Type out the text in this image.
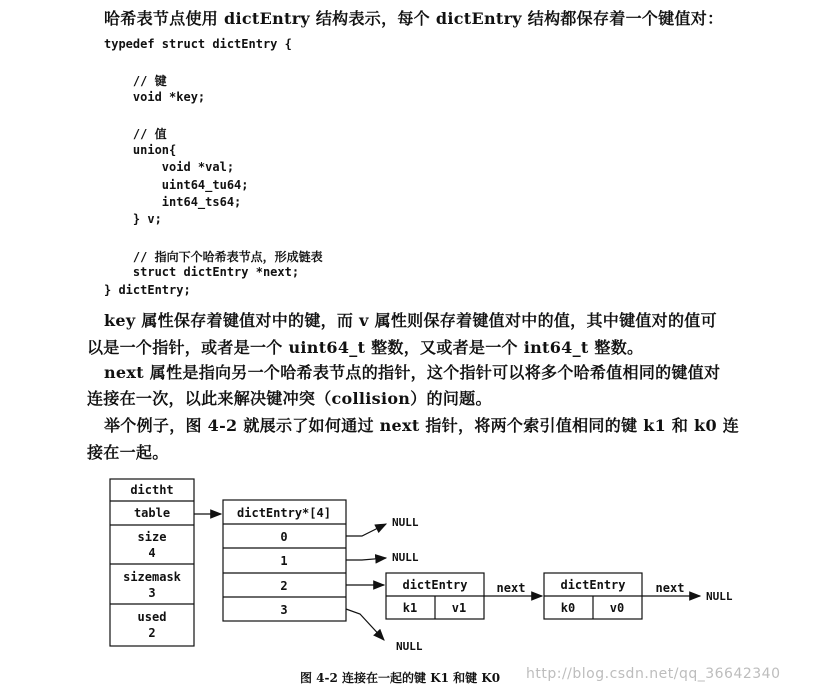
哈希表节点使用 dictEntry 结构表示，每个 dictEntry 结构都保存着一个键值对：
typedef struct dictEntry {
// 键
void *key;
// 值
union{
void *val;
uint64_tu64;
int64_ts64;
} v;
// 指向下个哈希表节点，形成链表
struct dictEntry *next;
} dictEntry;
key 属性保存着键值对中的键，而 v 属性则保存着键值对中的值，其中键值对的值可
以是一个指针，或者是一个 uint64_t 整数，又或者是一个 int64_t 整数。
next 属性是指向另一个哈希表节点的指针，这个指针可以将多个哈希值相同的键值对
连接在一次，以此来解决键冲突（collision）的问题。
举个例子，图 4-2 就展示了如何通过 next 指针，将两个索引值相同的键 k1 和 k0 连
接在一起。
dictht
table
size
4
sizemask
3
used
2
dictEntry*[4]
0
1
2
3
dictEntry
k1	v1
dictEntry
k0	v0
next	next
NULL
NULL
NULL
NULL
图 4-2 连接在一起的键 K1 和键 K0 http://blog.csdn.net/qq_36642340
